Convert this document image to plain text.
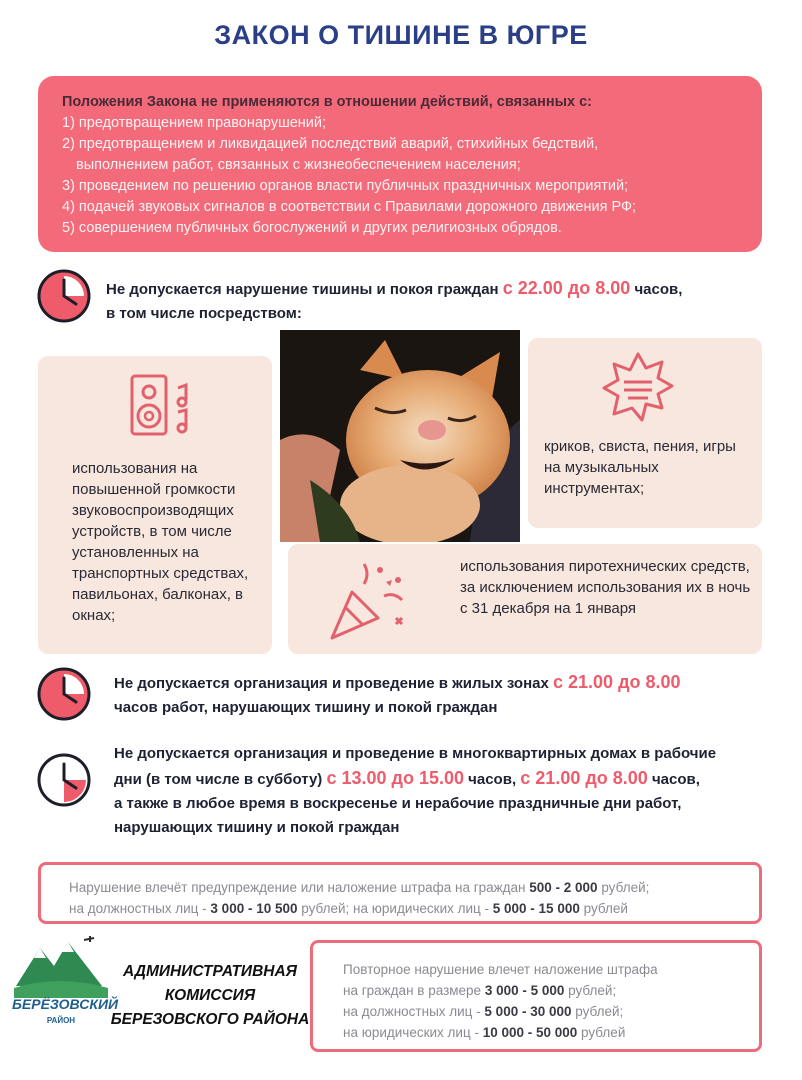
ЗАКОН О ТИШИНЕ В ЮГРЕ
Положения Закона не применяются в отношении действий, связанных с:
1) предотвращением правонарушений;
2) предотвращением и ликвидацией последствий аварий, стихийных бедствий,
выполнением работ, связанных с жизнеобеспечением населения;
3) проведением по решению органов власти публичных праздничных мероприятий;
4) подачей звуковых сигналов в соответствии с Правилами дорожного движения РФ;
5) совершением публичных богослужений и других религиозных обрядов.
Не допускается нарушение тишины и покоя граждан с 22.00 до 8.00 часов,
в том числе посредством:
использования на повышенной громкости звуковоспроизводящих устройств, в том числе установленных на транспортных средствах, павильонах, балконах, в окнах;
криков, свиста, пения, игры на музыкальных инструментах;
использования пиротехнических средств, за исключением использования их в ночь с 31 декабря на 1 января
Не допускается организация и проведение в жилых зонах с 21.00 до 8.00
часов работ, нарушающих тишину и покой граждан
Не допускается организация и проведение в многоквартирных домах в рабочие
дни (в том числе в субботу) с 13.00 до 15.00 часов, с 21.00 до 8.00 часов,
а также в любое время в воскресенье и нерабочие праздничные дни работ,
нарушающих тишину и покой граждан
Нарушение влечёт предупреждение или наложение штрафа на граждан 500 - 2 000 рублей;
на должностных лиц - 3 000 - 10 500 рублей; на юридических лиц - 5 000 - 15 000 рублей
БЕРЁЗОВСКИЙ
РАЙОН
АДМИНИСТРАТИВНАЯ
КОМИССИЯ
БЕРЕЗОВСКОГО РАЙОНА
Повторное нарушение влечет наложение штрафа
на граждан в размере 3 000 - 5 000 рублей;
на должностных лиц - 5 000 - 30 000 рублей;
на юридических лиц - 10 000 - 50 000 рублей
